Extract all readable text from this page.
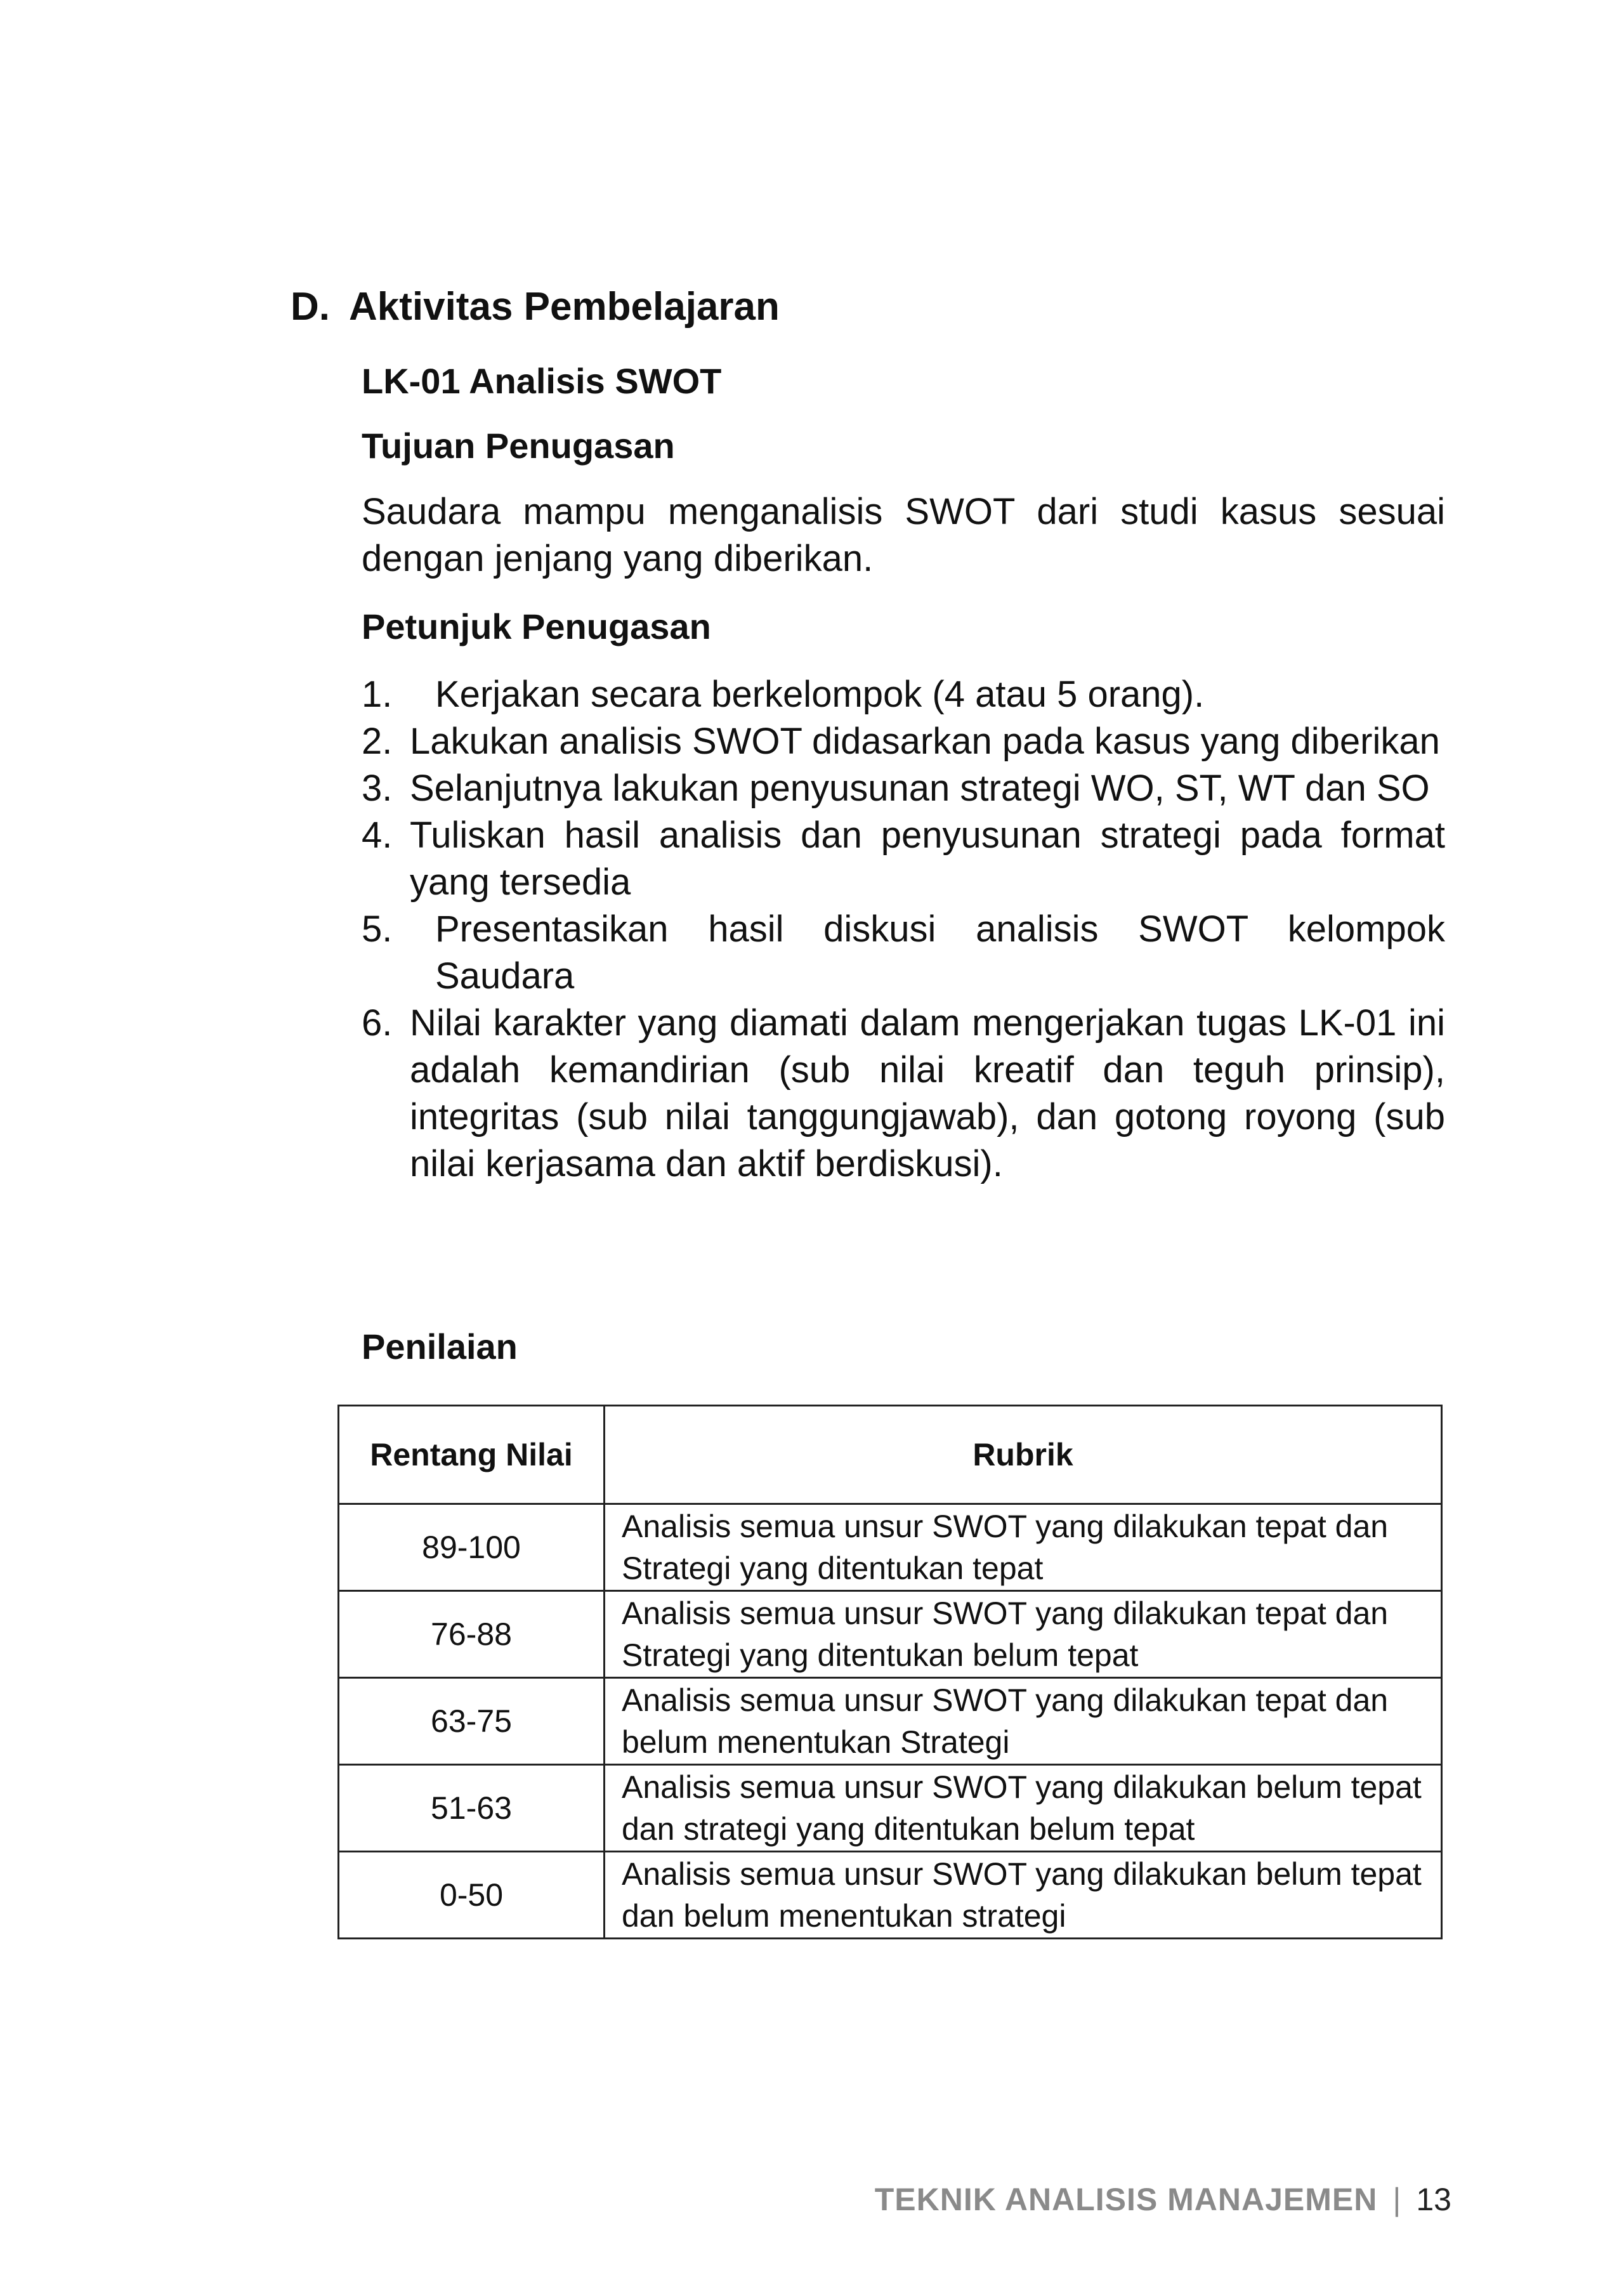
D. Aktivitas Pembelajaran
LK-01 Analisis SWOT
Tujuan Penugasan
Saudara mampu menganalisis SWOT dari studi kasus sesuai dengan jenjang yang diberikan.
Petunjuk Penugasan
1.	Kerjakan secara berkelompok (4 atau 5 orang).
2. Lakukan analisis SWOT didasarkan pada kasus yang diberikan
3. Selanjutnya lakukan penyusunan strategi WO, ST, WT dan SO
4. Tuliskan hasil analisis dan penyusunan strategi pada format yang tersedia
5.	Presentasikan hasil diskusi analisis SWOT kelompok Saudara
6. Nilai karakter yang diamati dalam mengerjakan tugas LK-01 ini adalah kemandirian (sub nilai kreatif dan teguh prinsip), integritas (sub nilai tanggungjawab), dan gotong royong (sub nilai kerjasama dan aktif berdiskusi).
Penilaian
Rentang Nilai	Rubrik
89-100	Analisis semua unsur SWOT yang dilakukan tepat dan Strategi yang ditentukan tepat
76-88	Analisis semua unsur SWOT yang dilakukan tepat dan Strategi yang ditentukan belum tepat
63-75	Analisis semua unsur SWOT yang dilakukan tepat dan belum menentukan Strategi
51-63	Analisis semua unsur SWOT yang dilakukan belum tepat dan strategi yang ditentukan belum tepat
0-50	Analisis semua unsur SWOT yang dilakukan belum tepat dan belum menentukan strategi
TEKNIK ANALISIS MANAJEMEN | 13
